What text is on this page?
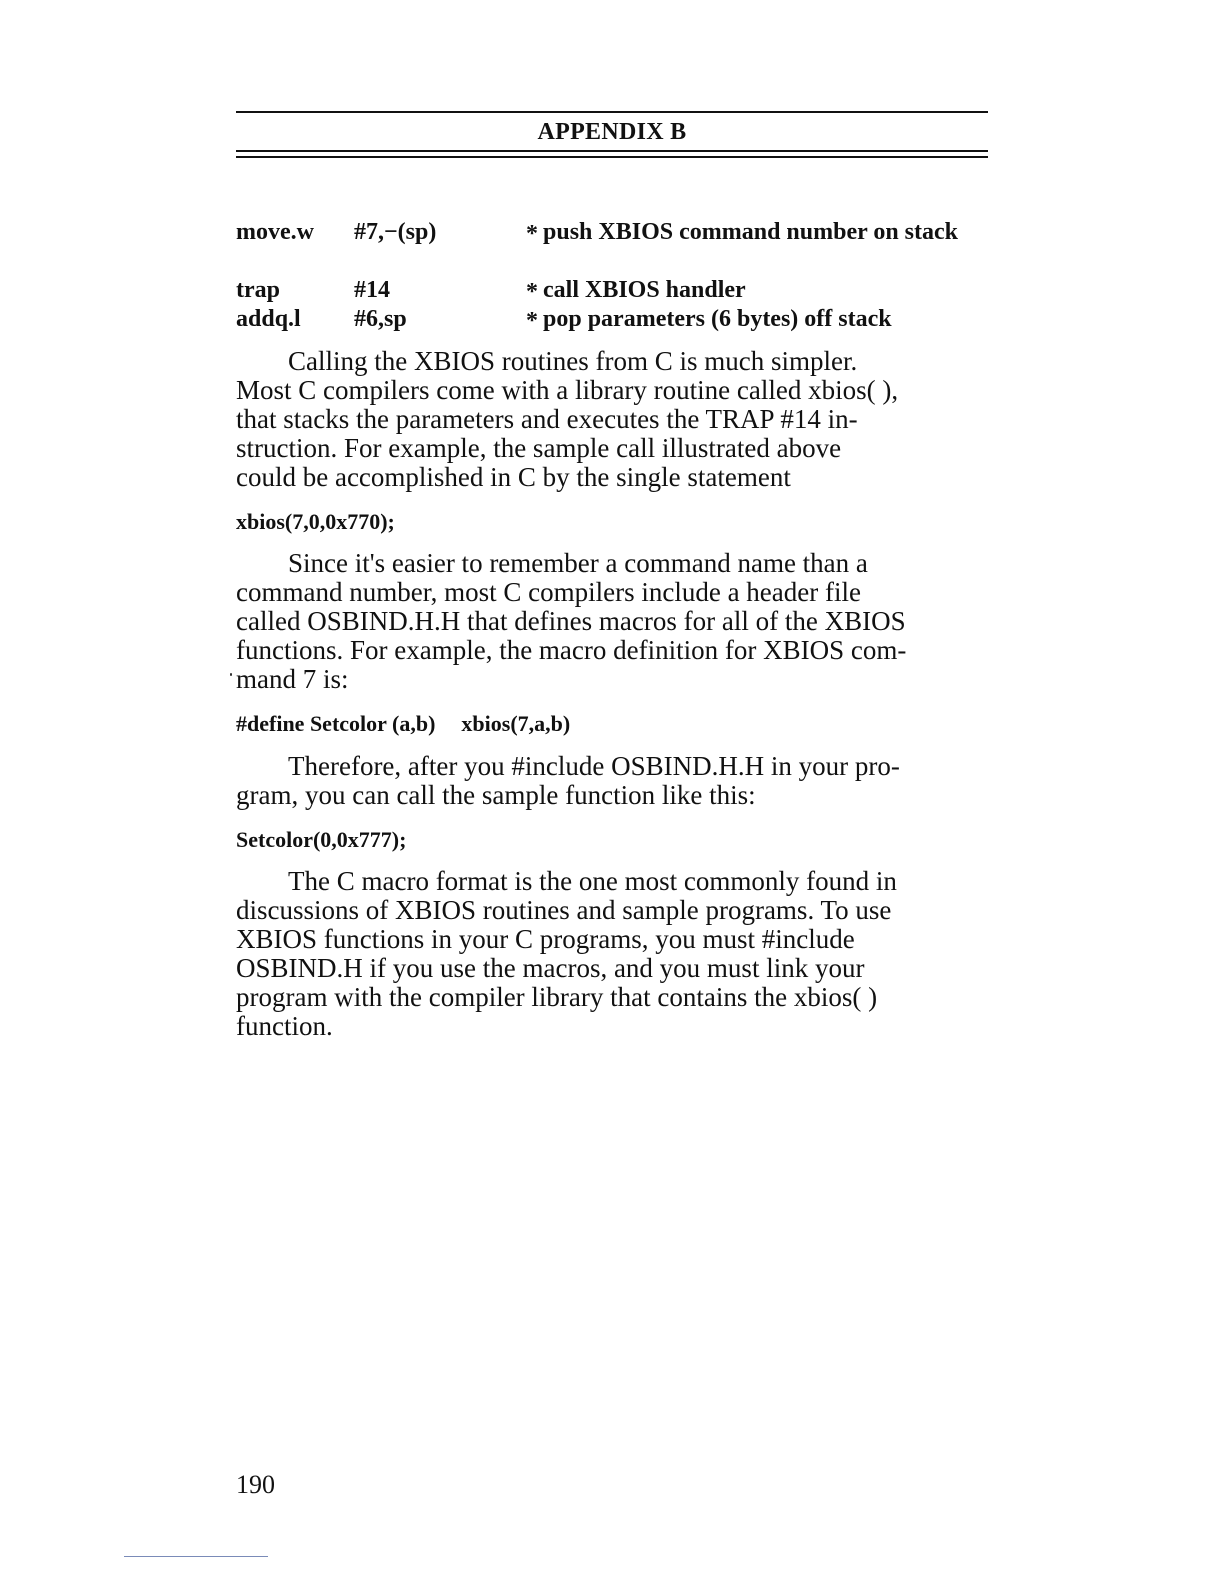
APPENDIX B
move.w #7,−(sp)	* push XBIOS command number on stack
trap	#14	* call XBIOS handler
addq.l #6,sp	* pop parameters (6 bytes) off stack
Calling the XBIOS routines from C is much simpler.
Most C compilers come with a library routine called xbios( ),
that stacks the parameters and executes the TRAP #14 in-
struction. For example, the sample call illustrated above
could be accomplished in C by the single statement
xbios(7,0,0x770);
Since it's easier to remember a command name than a
command number, most C compilers include a header file
called OSBIND.H.H that defines macros for all of the XBIOS
functions. For example, the macro definition for XBIOS com-
mand 7 is:
#define Setcolor (a,b) xbios(7,a,b)
Therefore, after you #include OSBIND.H.H in your pro-
gram, you can call the sample function like this:
Setcolor(0,0x777);
The C macro format is the one most commonly found in
discussions of XBIOS routines and sample programs. To use
XBIOS functions in your C programs, you must #include
OSBIND.H if you use the macros, and you must link your
program with the compiler library that contains the xbios( )
function.
190
